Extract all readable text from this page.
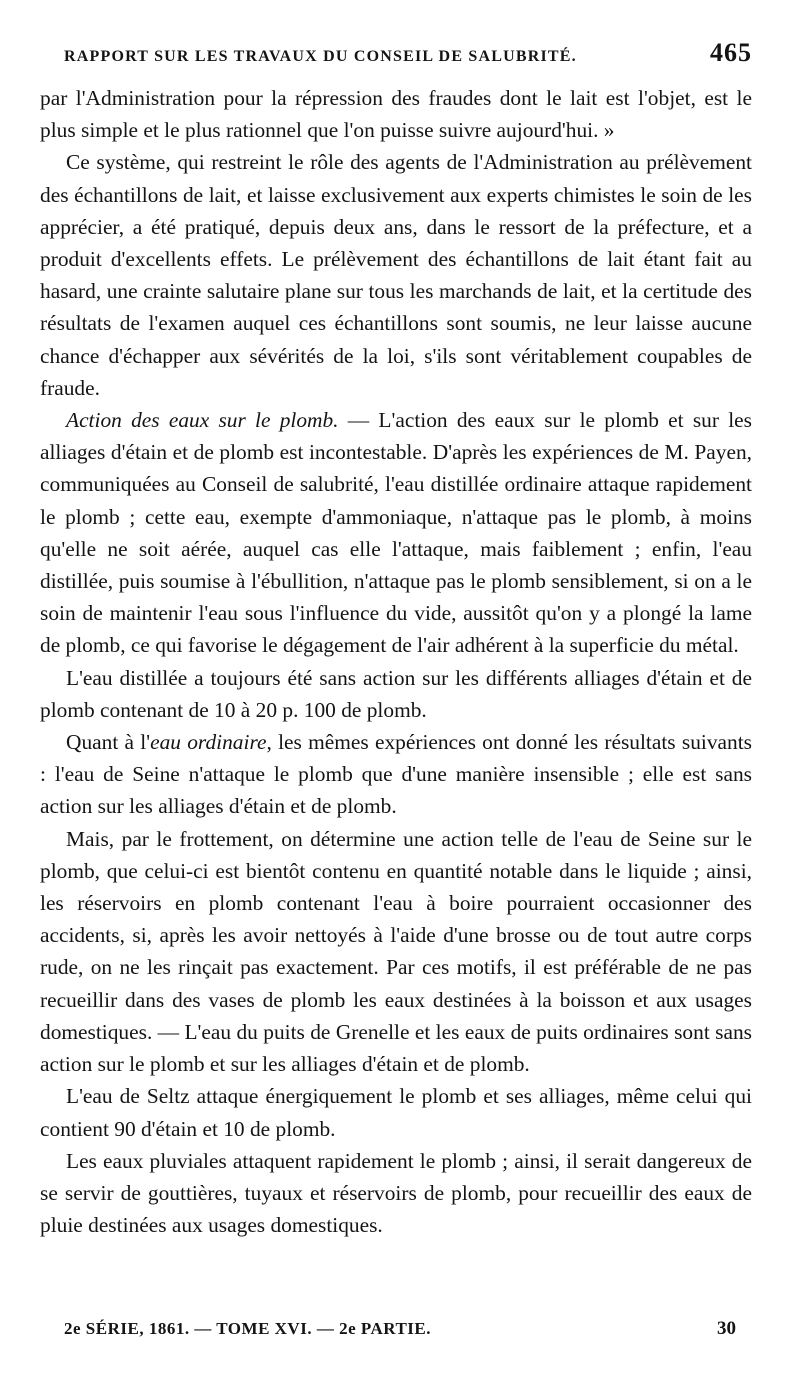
RAPPORT SUR LES TRAVAUX DU CONSEIL DE SALUBRITÉ.	465

par l'Administration pour la répression des fraudes dont le lait est l'objet, est le plus simple et le plus rationnel que l'on puisse suivre aujourd'hui. »

Ce système, qui restreint le rôle des agents de l'Administration au prélèvement des échantillons de lait, et laisse exclusivement aux experts chimistes le soin de les apprécier, a été pratiqué, depuis deux ans, dans le ressort de la préfecture, et a produit d'excellents effets. Le prélèvement des échantillons de lait étant fait au hasard, une crainte salutaire plane sur tous les marchands de lait, et la certitude des résultats de l'examen auquel ces échantillons sont soumis, ne leur laisse aucune chance d'échapper aux sévérités de la loi, s'ils sont véritablement coupables de fraude.

Action des eaux sur le plomb. — L'action des eaux sur le plomb et sur les alliages d'étain et de plomb est incontestable. D'après les expériences de M. Payen, communiquées au Conseil de salubrité, l'eau distillée ordinaire attaque rapidement le plomb ; cette eau, exempte d'ammoniaque, n'attaque pas le plomb, à moins qu'elle ne soit aérée, auquel cas elle l'attaque, mais faiblement ; enfin, l'eau distillée, puis soumise à l'ébullition, n'attaque pas le plomb sensiblement, si on a le soin de maintenir l'eau sous l'influence du vide, aussitôt qu'on y a plongé la lame de plomb, ce qui favorise le dégagement de l'air adhérent à la superficie du métal.

L'eau distillée a toujours été sans action sur les différents alliages d'étain et de plomb contenant de 10 à 20 p. 100 de plomb.

Quant à l'eau ordinaire, les mêmes expériences ont donné les résultats suivants : l'eau de Seine n'attaque le plomb que d'une manière insensible ; elle est sans action sur les alliages d'étain et de plomb.

Mais, par le frottement, on détermine une action telle de l'eau de Seine sur le plomb, que celui-ci est bientôt contenu en quantité notable dans le liquide ; ainsi, les réservoirs en plomb contenant l'eau à boire pourraient occasionner des accidents, si, après les avoir nettoyés à l'aide d'une brosse ou de tout autre corps rude, on ne les rinçait pas exactement. Par ces motifs, il est préférable de ne pas recueillir dans des vases de plomb les eaux destinées à la boisson et aux usages domestiques. — L'eau du puits de Grenelle et les eaux de puits ordinaires sont sans action sur le plomb et sur les alliages d'étain et de plomb.

L'eau de Seltz attaque énergiquement le plomb et ses alliages, même celui qui contient 90 d'étain et 10 de plomb.

Les eaux pluviales attaquent rapidement le plomb ; ainsi, il serait dangereux de se servir de gouttières, tuyaux et réservoirs de plomb, pour recueillir des eaux de pluie destinées aux usages domestiques.

2e SÉRIE, 1861. — TOME XVI. — 2e PARTIE.	30
